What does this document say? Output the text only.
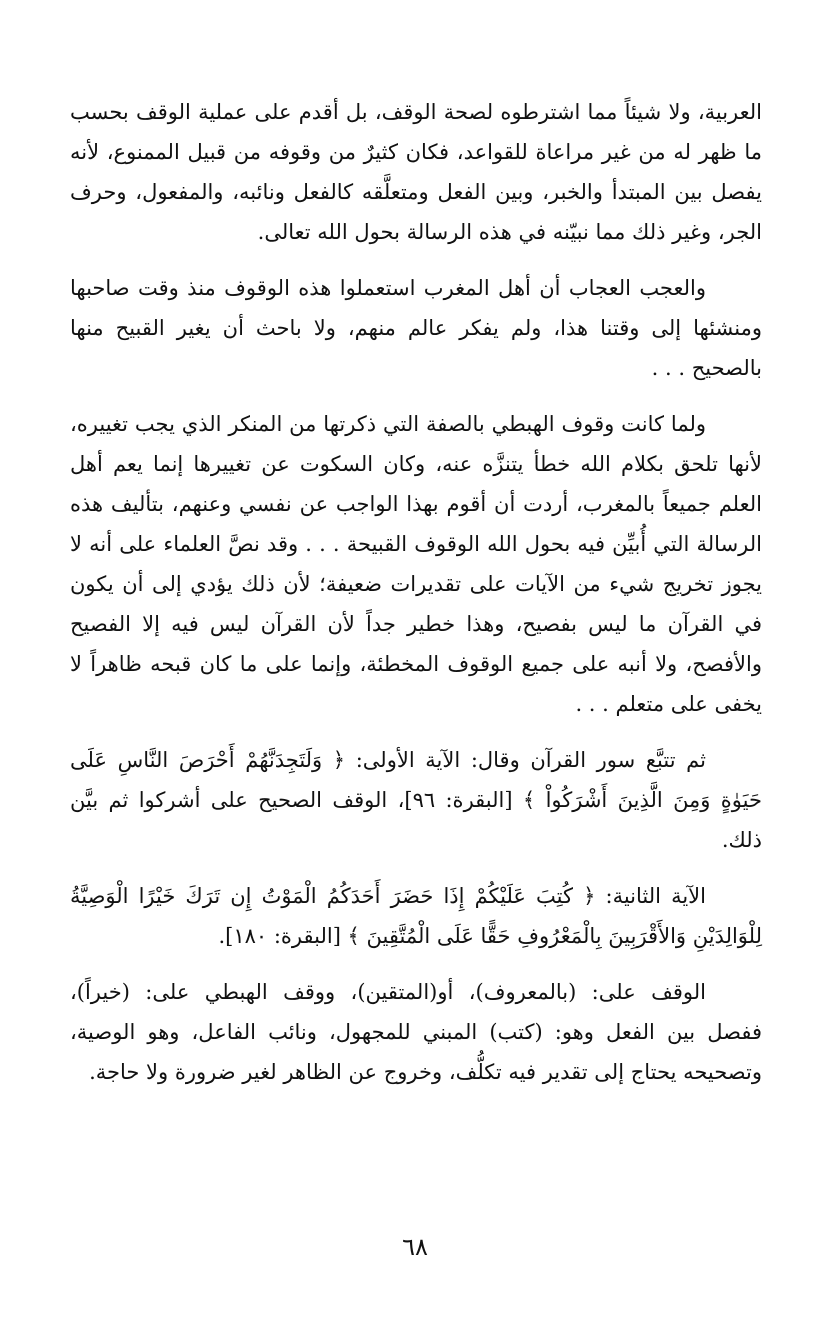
العربية، ولا شيئاً مما اشترطوه لصحة الوقف، بل أقدم على عملية الوقف بحسب ما ظهر له من غير مراعاة للقواعد، فكان كثيرٌ من وقوفه من قبيل الممنوع، لأنه يفصل بين المبتدأ والخبر، وبين الفعل ومتعلَّقه كالفعل ونائبه، والمفعول، وحرف الجر، وغير ذلك مما نبيّنه في هذه الرسالة بحول الله تعالى.

والعجب العجاب أن أهل المغرب استعملوا هذه الوقوف منذ وقت صاحبها ومنشئها إلى وقتنا هذا، ولم يفكر عالم منهم، ولا باحث أن يغير القبيح منها بالصحيح . . .

ولما كانت وقوف الهبطي بالصفة التي ذكرتها من المنكر الذي يجب تغييره، لأنها تلحق بكلام الله خطأ يتنزَّه عنه، وكان السكوت عن تغييرها إنما يعم أهل العلم جميعاً بالمغرب، أردت أن أقوم بهذا الواجب عن نفسي وعنهم، بتأليف هذه الرسالة التي أُبيِّن فيه بحول الله الوقوف القبيحة . . . وقد نصَّ العلماء على أنه لا يجوز تخريج شيء من الآيات على تقديرات ضعيفة؛ لأن ذلك يؤدي إلى أن يكون في القرآن ما ليس بفصيح، وهذا خطير جداً لأن القرآن ليس فيه إلا الفصيح والأفصح، ولا أنبه على جميع الوقوف المخطئة، وإنما على ما كان قبحه ظاهراً لا يخفى على متعلم . . .

ثم تتبَّع سور القرآن وقال: الآية الأولى: ﴿ وَلَتَجِدَنَّهُمْ أَحْرَصَ النَّاسِ عَلَى حَيَوٰةٍ وَمِنَ الَّذِينَ أَشْرَكُواْ ﴾ [البقرة: ٩٦]، الوقف الصحيح على أشركوا ثم بيَّن ذلك.

الآية الثانية: ﴿ كُتِبَ عَلَيْكُمْ إِذَا حَضَرَ أَحَدَكُمُ الْمَوْتُ إِن تَرَكَ خَيْرًا الْوَصِيَّةُ لِلْوَالِدَيْنِ وَالأَقْرَبِينَ بِالْمَعْرُوفِ حَقًّا عَلَى الْمُتَّقِينَ ﴾ [البقرة: ١٨٠].

الوقف على: (بالمعروف)، أو(المتقين)، ووقف الهبطي على: (خيراً)، ففصل بين الفعل وهو: (كتب) المبني للمجهول، ونائب الفاعل، وهو الوصية، وتصحيحه يحتاج إلى تقدير فيه تكلُّف، وخروج عن الظاهر لغير ضرورة ولا حاجة.

٦٨
